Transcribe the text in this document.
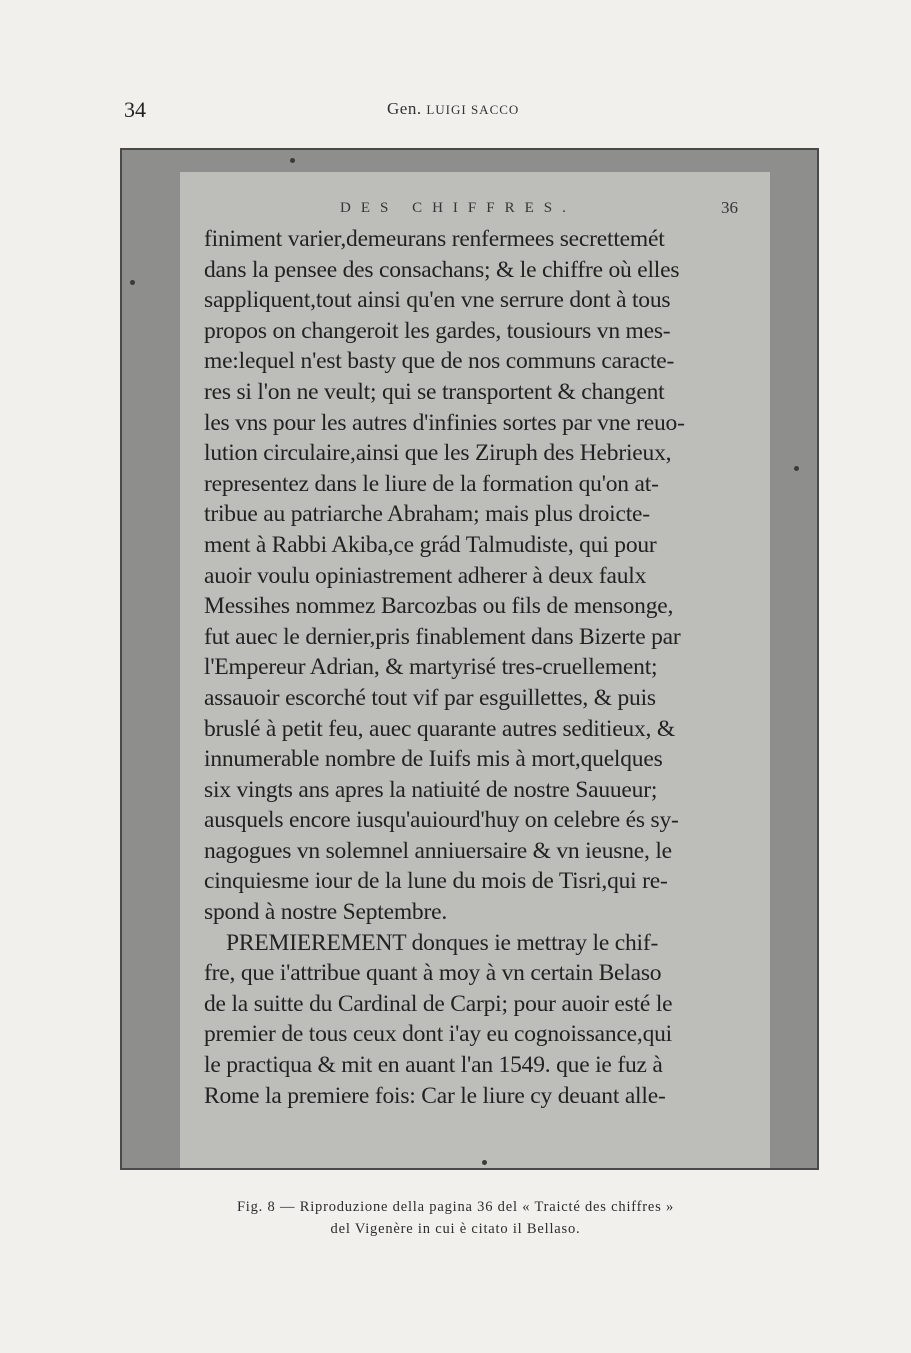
34	Gen. LUIGI SACCO
DES CHIFFRES.	36
finiment varier,demeurans renfermees secrettemét
dans la pensee des consachans; & le chiffre où elles
sappliquent,tout ainsi qu'en vne serrure dont à tous
propos on changeroit les gardes, tousiours vn mes-
me:lequel n'est basty que de nos communs caracte-
res si l'on ne veult; qui se transportent & changent
les vns pour les autres d'infinies sortes par vne reuo-
lution circulaire,ainsi que les Ziruph des Hebrieux,
representez dans le liure de la formation qu'on at-
tribue au patriarche Abraham; mais plus droicte-
ment à Rabbi Akiba,ce grád Talmudiste, qui pour
auoir voulu opiniastrement adherer à deux faulx
Messihes nommez Barcozbas ou fils de mensonge,
fut auec le dernier,pris finablement dans Bizerte par
l'Empereur Adrian, & martyrisé tres-cruellement;
assauoir escorché tout vif par esguillettes, & puis
bruslé à petit feu, auec quarante autres seditieux, &
innumerable nombre de Iuifs mis à mort,quelques
six vingts ans apres la natiuité de nostre Sauueur;
ausquels encore iusqu'auiourd'huy on celebre és sy-
nagogues vn solemnel anniuersaire & vn ieusne, le
cinquiesme iour de la lune du mois de Tisri,qui re-
spond à nostre Septembre.
PREMIEREMENT donques ie mettray le chif-
fre, que i'attribue quant à moy à vn certain Belaso
de la suitte du Cardinal de Carpi; pour auoir esté le
premier de tous ceux dont i'ay eu cognoissance,qui
le practiqua & mit en auant l'an 1549. que ie fuz à
Rome la premiere fois: Car le liure cy deuant alle-
Fig. 8 — Riproduzione della pagina 36 del « Traicté des chiffres »
del Vigenère in cui è citato il Bellaso.
